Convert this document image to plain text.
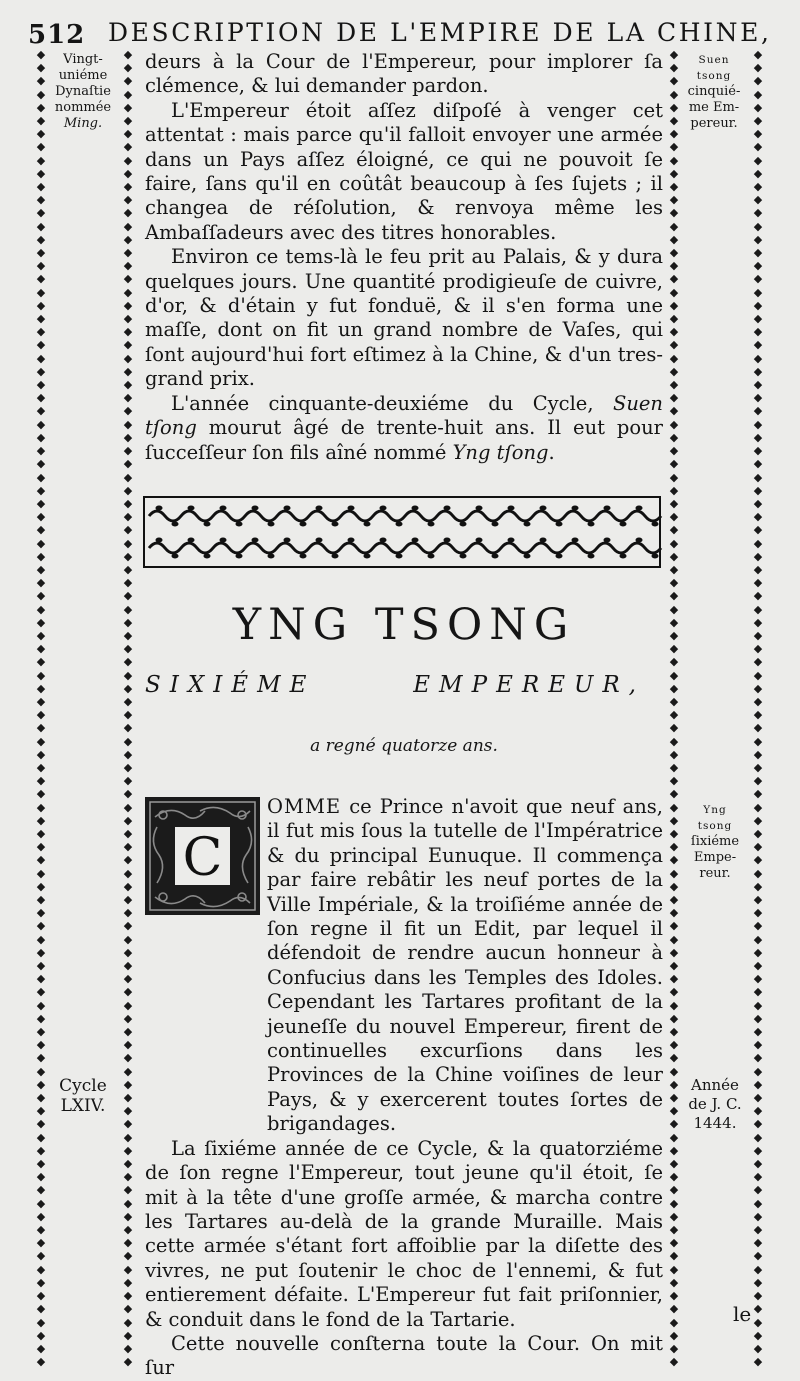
512 DESCRIPTION DE L'EMPIRE DE LA CHINE,
◆
◆
◆
◆
◆
◆
◆
◆
◆
◆
◆
◆
◆
◆
◆
◆
◆
◆
◆
◆
◆
◆
◆
◆
◆
◆
◆
◆
◆
◆
◆
◆
◆
◆
◆
◆
◆
◆
◆
◆
◆
◆
◆
◆
◆
◆
◆
◆
◆
◆
◆
◆
◆
◆
◆
◆
◆
◆
◆
◆
◆
◆
◆
◆
◆
◆
◆
◆
◆
◆
◆
◆
◆
◆
◆
◆
◆
◆
◆
◆
◆
◆
◆
◆
◆
◆
◆
◆
◆
◆
◆
◆
◆
◆
◆
◆
◆
◆
◆
◆
◆
◆
◆
◆
◆
◆
◆
◆
◆
◆
◆
◆
◆
◆
◆
◆
◆
◆
◆
◆
◆
◆
◆
◆
◆
◆
◆
◆
◆
◆
◆
◆
◆
◆
◆
◆
◆
◆
◆
◆
◆
◆
◆
◆
◆
◆
◆
◆
◆
◆
◆
◆
◆
◆
◆
◆
◆
◆
◆
◆
◆
◆
◆
◆
◆
◆
◆
◆
◆
◆
◆
◆
◆
◆
◆
◆
◆
◆
◆
◆
◆
◆
◆
◆
◆
◆
◆
◆
◆
◆
◆
◆
◆
◆
◆
◆
◆
◆
◆
◆
◆
◆
◆
◆
◆
◆
◆
◆
◆
◆
◆
◆
◆
◆
◆
◆
◆
◆
◆
◆
◆
◆
◆
◆
◆
◆
◆
◆
◆
◆
◆
◆
◆
◆
◆
◆
◆
◆
◆
◆
◆
◆
◆
◆
◆
◆
◆
◆
◆
◆
◆
◆
◆
◆
◆
◆
◆
◆
◆
◆
◆
◆
◆
◆
◆
◆
◆
◆
◆
◆
◆
◆
◆
◆
◆
◆
◆
◆
◆
◆
◆
◆
◆
◆
◆
◆
◆
◆
◆
◆
◆
◆
◆
◆
◆
◆
◆
◆
◆
◆
◆
◆
◆
◆
◆
◆
◆
◆
◆
◆
◆
◆
◆
◆
◆
◆
◆
◆
◆
◆
◆
◆
◆
◆
◆
◆
◆
◆
◆
◆
◆
◆
◆
◆
◆
◆
◆
◆
◆
◆
◆
◆
◆
◆
◆
◆
◆
◆
◆
◆
◆
◆
◆
◆
◆
◆
◆
◆
◆
◆
◆
◆
◆
◆
◆
◆
◆
◆
◆
◆
◆
◆
◆
◆
◆
◆
◆
◆
◆
◆
◆
◆
◆
◆
◆
◆
◆
◆
◆
◆
◆
◆
◆
◆
◆
◆
◆
◆
◆
◆
Vingt-
uniéme
Dynaſtie
nommée
Ming.
Suen
tsong
cinquié-
me Em-
pereur.
Yng
tsong
ſixiéme
Empe-
reur.
Cycle
LXIV.
Année
de J. C.
1444.

deurs à la Cour de l'Empereur, pour implorer ſa clémence, & lui demander pardon.

L'Empereur étoit aſſez diſpoſé à venger cet attentat : mais parce qu'il falloit envoyer une armée dans un Pays aſſez éloigné, ce qui ne pouvoit ſe faire, ſans qu'il en coûtât beaucoup à ſes ſujets ; il changea de réſolution, & renvoya même les Ambaſſadeurs avec des titres honorables.

Environ ce tems-là le feu prit au Palais, & y dura quelques jours. Une quantité prodigieuſe de cuivre, d'or, & d'étain y fut fonduë, & il s'en forma une maſſe, dont on fit un grand nombre de Vaſes, qui ſont aujourd'hui fort eſtimez à la Chine, & d'un tres-grand prix.

L'année cinquante-deuxiéme du Cycle, Suen tſong mourut âgé de trente-huit ans. Il eut pour ſucceſſeur ſon fils aîné nommé Yng tſong.

YNG TSONG
SIXIÉME	EMPEREUR,
a regné quatorze ans.
C

OMME ce Prince n'avoit que neuf ans, il fut mis ſous la tutelle de l'Impératrice & du principal Eunuque. Il commença par faire rebâtir les neuf portes de la Ville Impériale, & la troiſiéme année de ſon regne il fit un Edit, par lequel il défendoit de rendre aucun honneur à Confucius dans les Temples des Idoles. Cependant les Tartares profitant de la jeuneſſe du nouvel Empereur, firent de continuelles excurſions dans les Provinces de la Chine voiſines de leur Pays, & y exercerent toutes ſortes de brigandages.

La ſixiéme année de ce Cycle, & la quatorziéme de ſon regne l'Empereur, tout jeune qu'il étoit, ſe mit à la tête d'une groſſe armée, & marcha contre les Tartares au-delà de la grande Muraille. Mais cette armée s'étant fort affoiblie par la diſette des vivres, ne put ſoutenir le choc de l'ennemi, & fut entierement défaite. L'Empereur fut fait priſonnier, & conduit dans le fond de la Tartarie.

Cette nouvelle conſterna toute la Cour. On mit ſur

le
